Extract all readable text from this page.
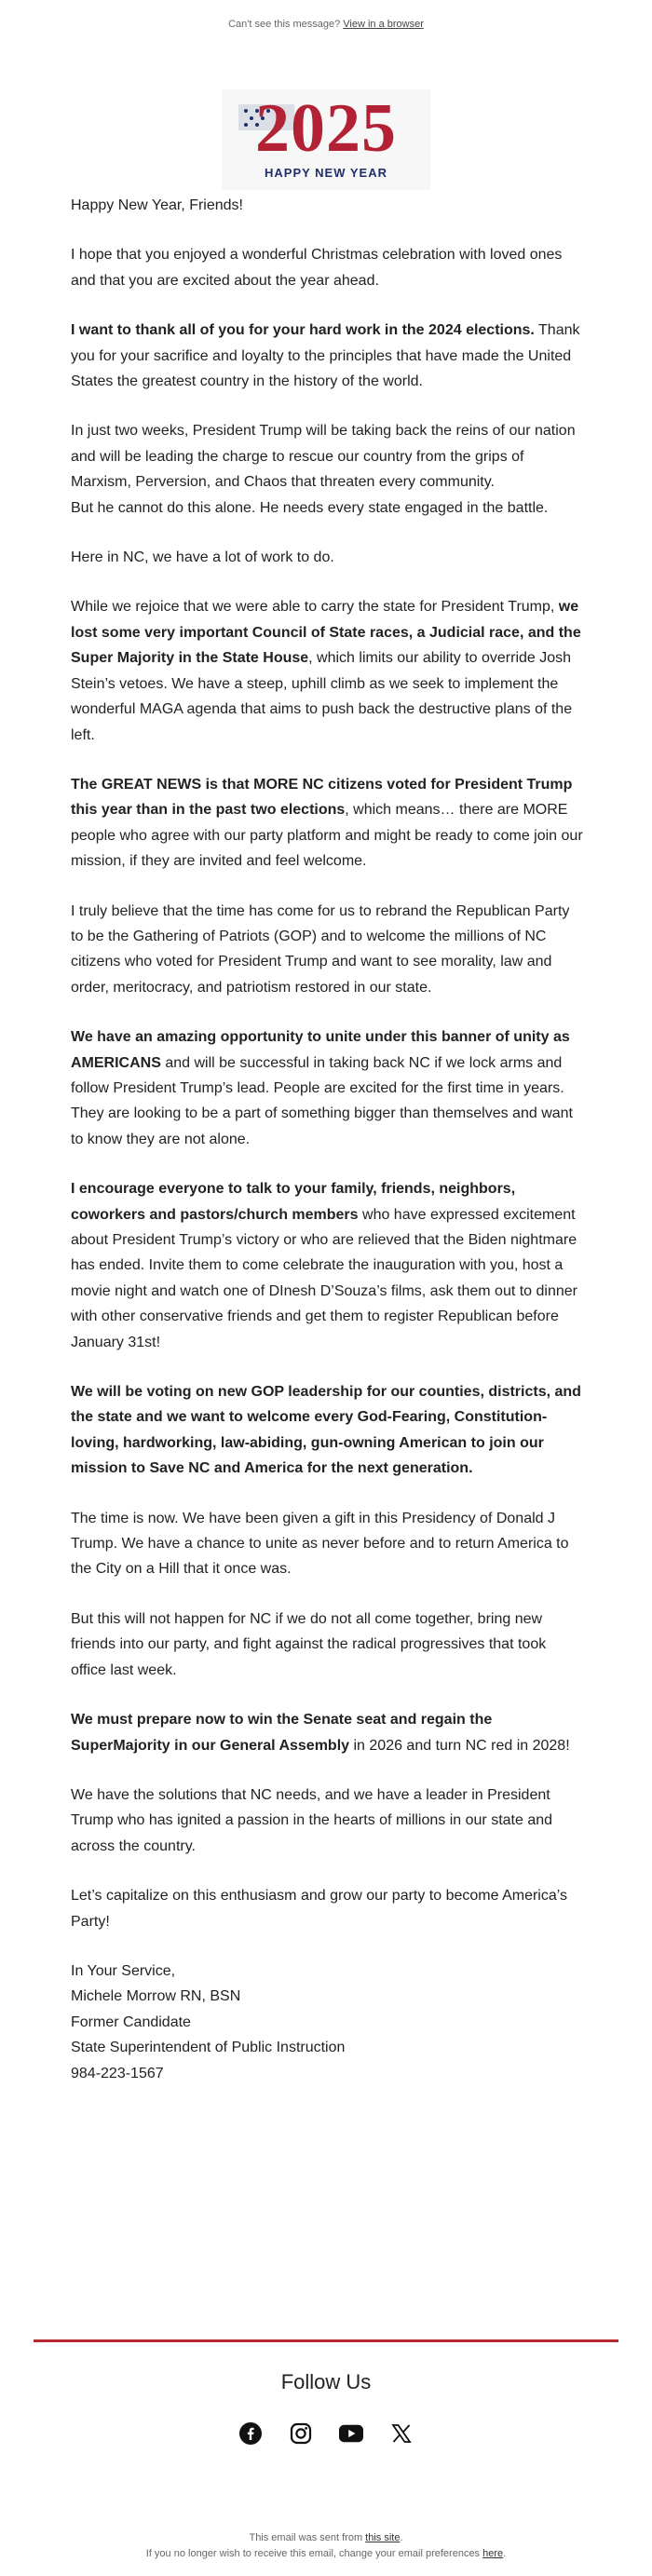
Can't see this message? View in a browser
2025
HAPPY NEW YEAR

Happy New Year, Friends!

I hope that you enjoyed a wonderful Christmas celebration with loved ones and that you are excited about the year ahead.

I want to thank all of you for your hard work in the 2024 elections. Thank you for your sacrifice and loyalty to the principles that have made the United States the greatest country in the history of the world.

In just two weeks, President Trump will be taking back the reins of our nation and will be leading the charge to rescue our country from the grips of Marxism, Perversion, and Chaos that threaten every community.
But he cannot do this alone. He needs every state engaged in the battle.

Here in NC, we have a lot of work to do.

While we rejoice that we were able to carry the state for President Trump, we lost some very important Council of State races, a Judicial race, and the Super Majority in the State House, which limits our ability to override Josh Stein’s vetoes. We have a steep, uphill climb as we seek to implement the wonderful MAGA agenda that aims to push back the destructive plans of the left.

The GREAT NEWS is that MORE NC citizens voted for President Trump this year than in the past two elections, which means… there are MORE people who agree with our party platform and might be ready to come join our mission, if they are invited and feel welcome.

I truly believe that the time has come for us to rebrand the Republican Party to be the Gathering of Patriots (GOP) and to welcome the millions of NC citizens who voted for President Trump and want to see morality, law and order, meritocracy, and patriotism restored in our state.

We have an amazing opportunity to unite under this banner of unity as AMERICANS and will be successful in taking back NC if we lock arms and follow President Trump’s lead. People are excited for the first time in years. They are looking to be a part of something bigger than themselves and want to know they are not alone.

I encourage everyone to talk to your family, friends, neighbors, coworkers and pastors/church members who have expressed excitement about President Trump’s victory or who are relieved that the Biden nightmare has ended. Invite them to come celebrate the inauguration with you, host a movie night and watch one of DInesh D’Souza’s films, ask them out to dinner with other conservative friends and get them to register Republican before January 31st!

We will be voting on new GOP leadership for our counties, districts, and the state and we want to welcome every God-Fearing, Constitution-loving, hardworking, law-abiding, gun-owning American to join our mission to Save NC and America for the next generation.

The time is now. We have been given a gift in this Presidency of Donald J Trump. We have a chance to unite as never before and to return America to the City on a Hill that it once was.

But this will not happen for NC if we do not all come together, bring new friends into our party, and fight against the radical progressives that took office last week.

We must prepare now to win the Senate seat and regain the SuperMajority in our General Assembly in 2026 and turn NC red in 2028!

We have the solutions that NC needs, and we have a leader in President Trump who has ignited a passion in the hearts of millions in our state and across the country.

Let’s capitalize on this enthusiasm and grow our party to become America’s Party!

In Your Service,

Michele Morrow RN, BSN

Former Candidate

State Superintendent of Public Instruction

984-223-1567

Follow Us
This email was sent from this site.
If you no longer wish to receive this email, change your email preferences here.
